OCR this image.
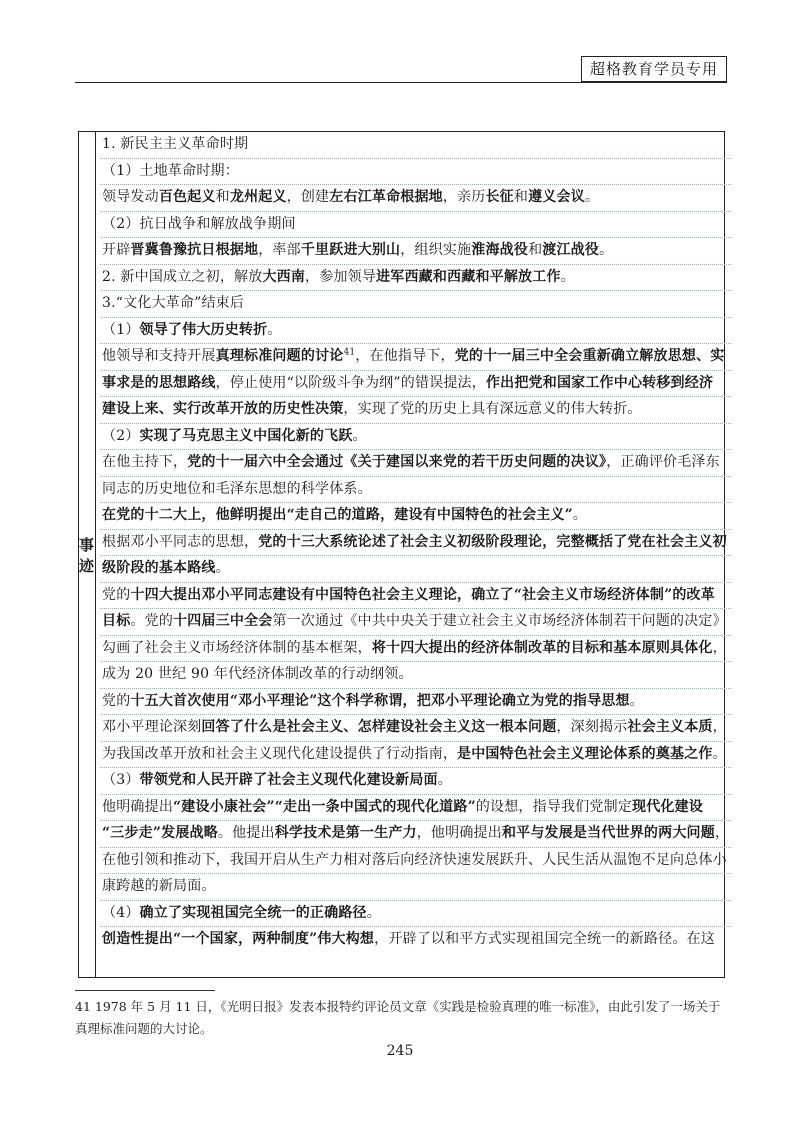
超格教育学员专用
事迹
1. 新民主主义革命时期
（1）土地革命时期：
领导发动百色起义和龙州起义，创建左右江革命根据地，亲历长征和遵义会议。
（2）抗日战争和解放战争期间
开辟晋冀鲁豫抗日根据地，率部千里跃进大别山，组织实施淮海战役和渡江战役。
2. 新中国成立之初，解放大西南，参加领导进军西藏和西藏和平解放工作。
3.“文化大革命”结束后
（1）领导了伟大历史转折。
他领导和支持开展真理标准问题的讨论$^{41}$，在他指导下，党的十一届三中全会重新确立解放思想、实
事求是的思想路线，停止使用“以阶级斗争为纲”的错误提法，作出把党和国家工作中心转移到经济
建设上来、实行改革开放的历史性决策，实现了党的历史上具有深远意义的伟大转折。
（2）实现了马克思主义中国化新的飞跃。
在他主持下，党的十一届六中全会通过《关于建国以来党的若干历史问题的决议》，正确评价毛泽东
同志的历史地位和毛泽东思想的科学体系。
在党的十二大上，他鲜明提出“走自己的道路，建设有中国特色的社会主义”。
根据邓小平同志的思想，党的十三大系统论述了社会主义初级阶段理论，完整概括了党在社会主义初
级阶段的基本路线。
党的十四大提出邓小平同志建设有中国特色社会主义理论，确立了“社会主义市场经济体制”的改革
目标。党的十四届三中全会第一次通过《中共中央关于建立社会主义市场经济体制若干问题的决定》
勾画了社会主义市场经济体制的基本框架，将十四大提出的经济体制改革的目标和基本原则具体化，
成为 20 世纪 90 年代经济体制改革的行动纲领。
党的十五大首次使用“邓小平理论”这个科学称谓，把邓小平理论确立为党的指导思想。
邓小平理论深刻回答了什么是社会主义、怎样建设社会主义这一根本问题，深刻揭示社会主义本质，
为我国改革开放和社会主义现代化建设提供了行动指南，是中国特色社会主义理论体系的奠基之作。
（3）带领党和人民开辟了社会主义现代化建设新局面。
他明确提出“建设小康社会”“走出一条中国式的现代化道路”的设想，指导我们党制定现代化建设
“三步走”发展战略。他提出科学技术是第一生产力，他明确提出和平与发展是当代世界的两大问题，
在他引领和推动下，我国开启从生产力相对落后向经济快速发展跃升、人民生活从温饱不足向总体小
康跨越的新局面。
（4）确立了实现祖国完全统一的正确路径。
创造性提出“一个国家，两种制度”伟大构想，开辟了以和平方式实现祖国完全统一的新路径。在这
41 1978 年 5 月 11 日，《光明日报》发表本报特约评论员文章《实践是检验真理的唯一标准》，由此引发了一场关于真理标准问题的大讨论。
245
